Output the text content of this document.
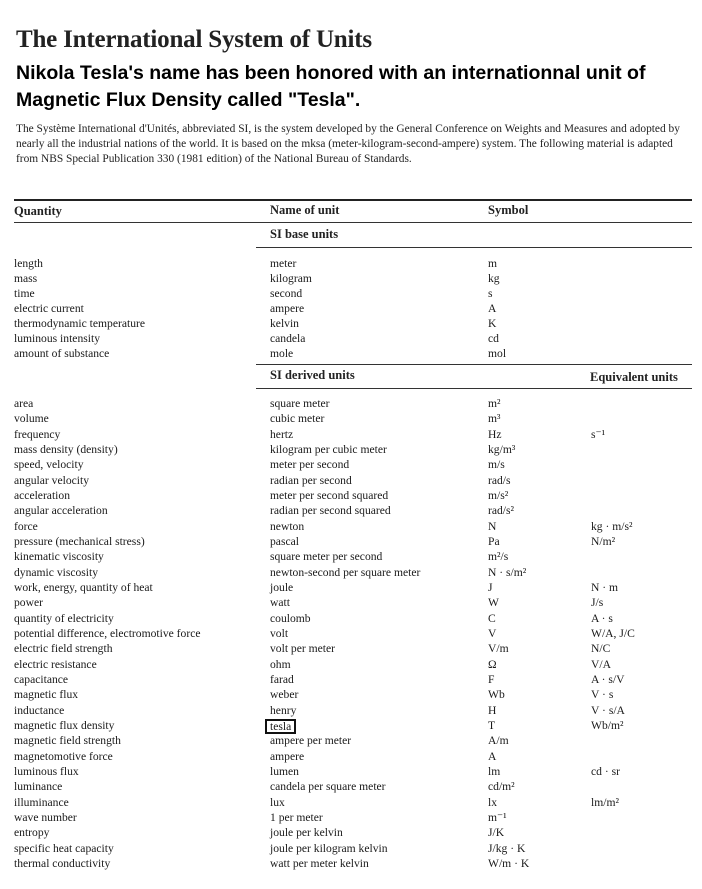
The International System of Units
Nikola Tesla's name has been honored with an internationnal unit of Magnetic Flux Density called "Tesla".
The Système International d'Unités, abbreviated SI, is the system developed by the General Conference on Weights and Measures and adopted by nearly all the industrial nations of the world. It is based on the mksa (meter-kilogram-second-ampere) system. The following material is adapted from NBS Special Publication 330 (1981 edition) of the National Bureau of Standards.
Quantity	Name of unit	Symbol
SI base units
length	meter	m
mass	kilogram	kg
time	second	s
electric current	ampere	A
thermodynamic temperature	kelvin	K
luminous intensity	candela	cd
amount of substance	mole	mol
SI derived units	Equivalent units
area	square meter	m²
volume	cubic meter	m³
frequency	hertz	Hz	s⁻¹
mass density (density)	kilogram per cubic meter	kg/m³
speed, velocity	meter per second	m/s
angular velocity	radian per second	rad/s
acceleration	meter per second squared	m/s²
angular acceleration	radian per second squared	rad/s²
force	newton	N	kg · m/s²
pressure (mechanical stress)	pascal	Pa	N/m²
kinematic viscosity	square meter per second	m²/s
dynamic viscosity	newton-second per square meter	N · s/m²
work, energy, quantity of heat	joule	J	N · m
power	watt	W	J/s
quantity of electricity	coulomb	C	A · s
potential difference, electromotive force	volt	V	W/A, J/C
electric field strength	volt per meter	V/m	N/C
electric resistance	ohm	Ω	V/A
capacitance	farad	F	A · s/V
magnetic flux	weber	Wb	V · s
inductance	henry	H	V · s/A
magnetic flux density	tesla	T	Wb/m²
magnetic field strength	ampere per meter	A/m
magnetomotive force	ampere	A
luminous flux	lumen	lm	cd · sr
luminance	candela per square meter	cd/m²
illuminance	lux	lx	lm/m²
wave number	1 per meter	m⁻¹
entropy	joule per kelvin	J/K
specific heat capacity	joule per kilogram kelvin	J/kg · K
thermal conductivity	watt per meter kelvin	W/m · K
